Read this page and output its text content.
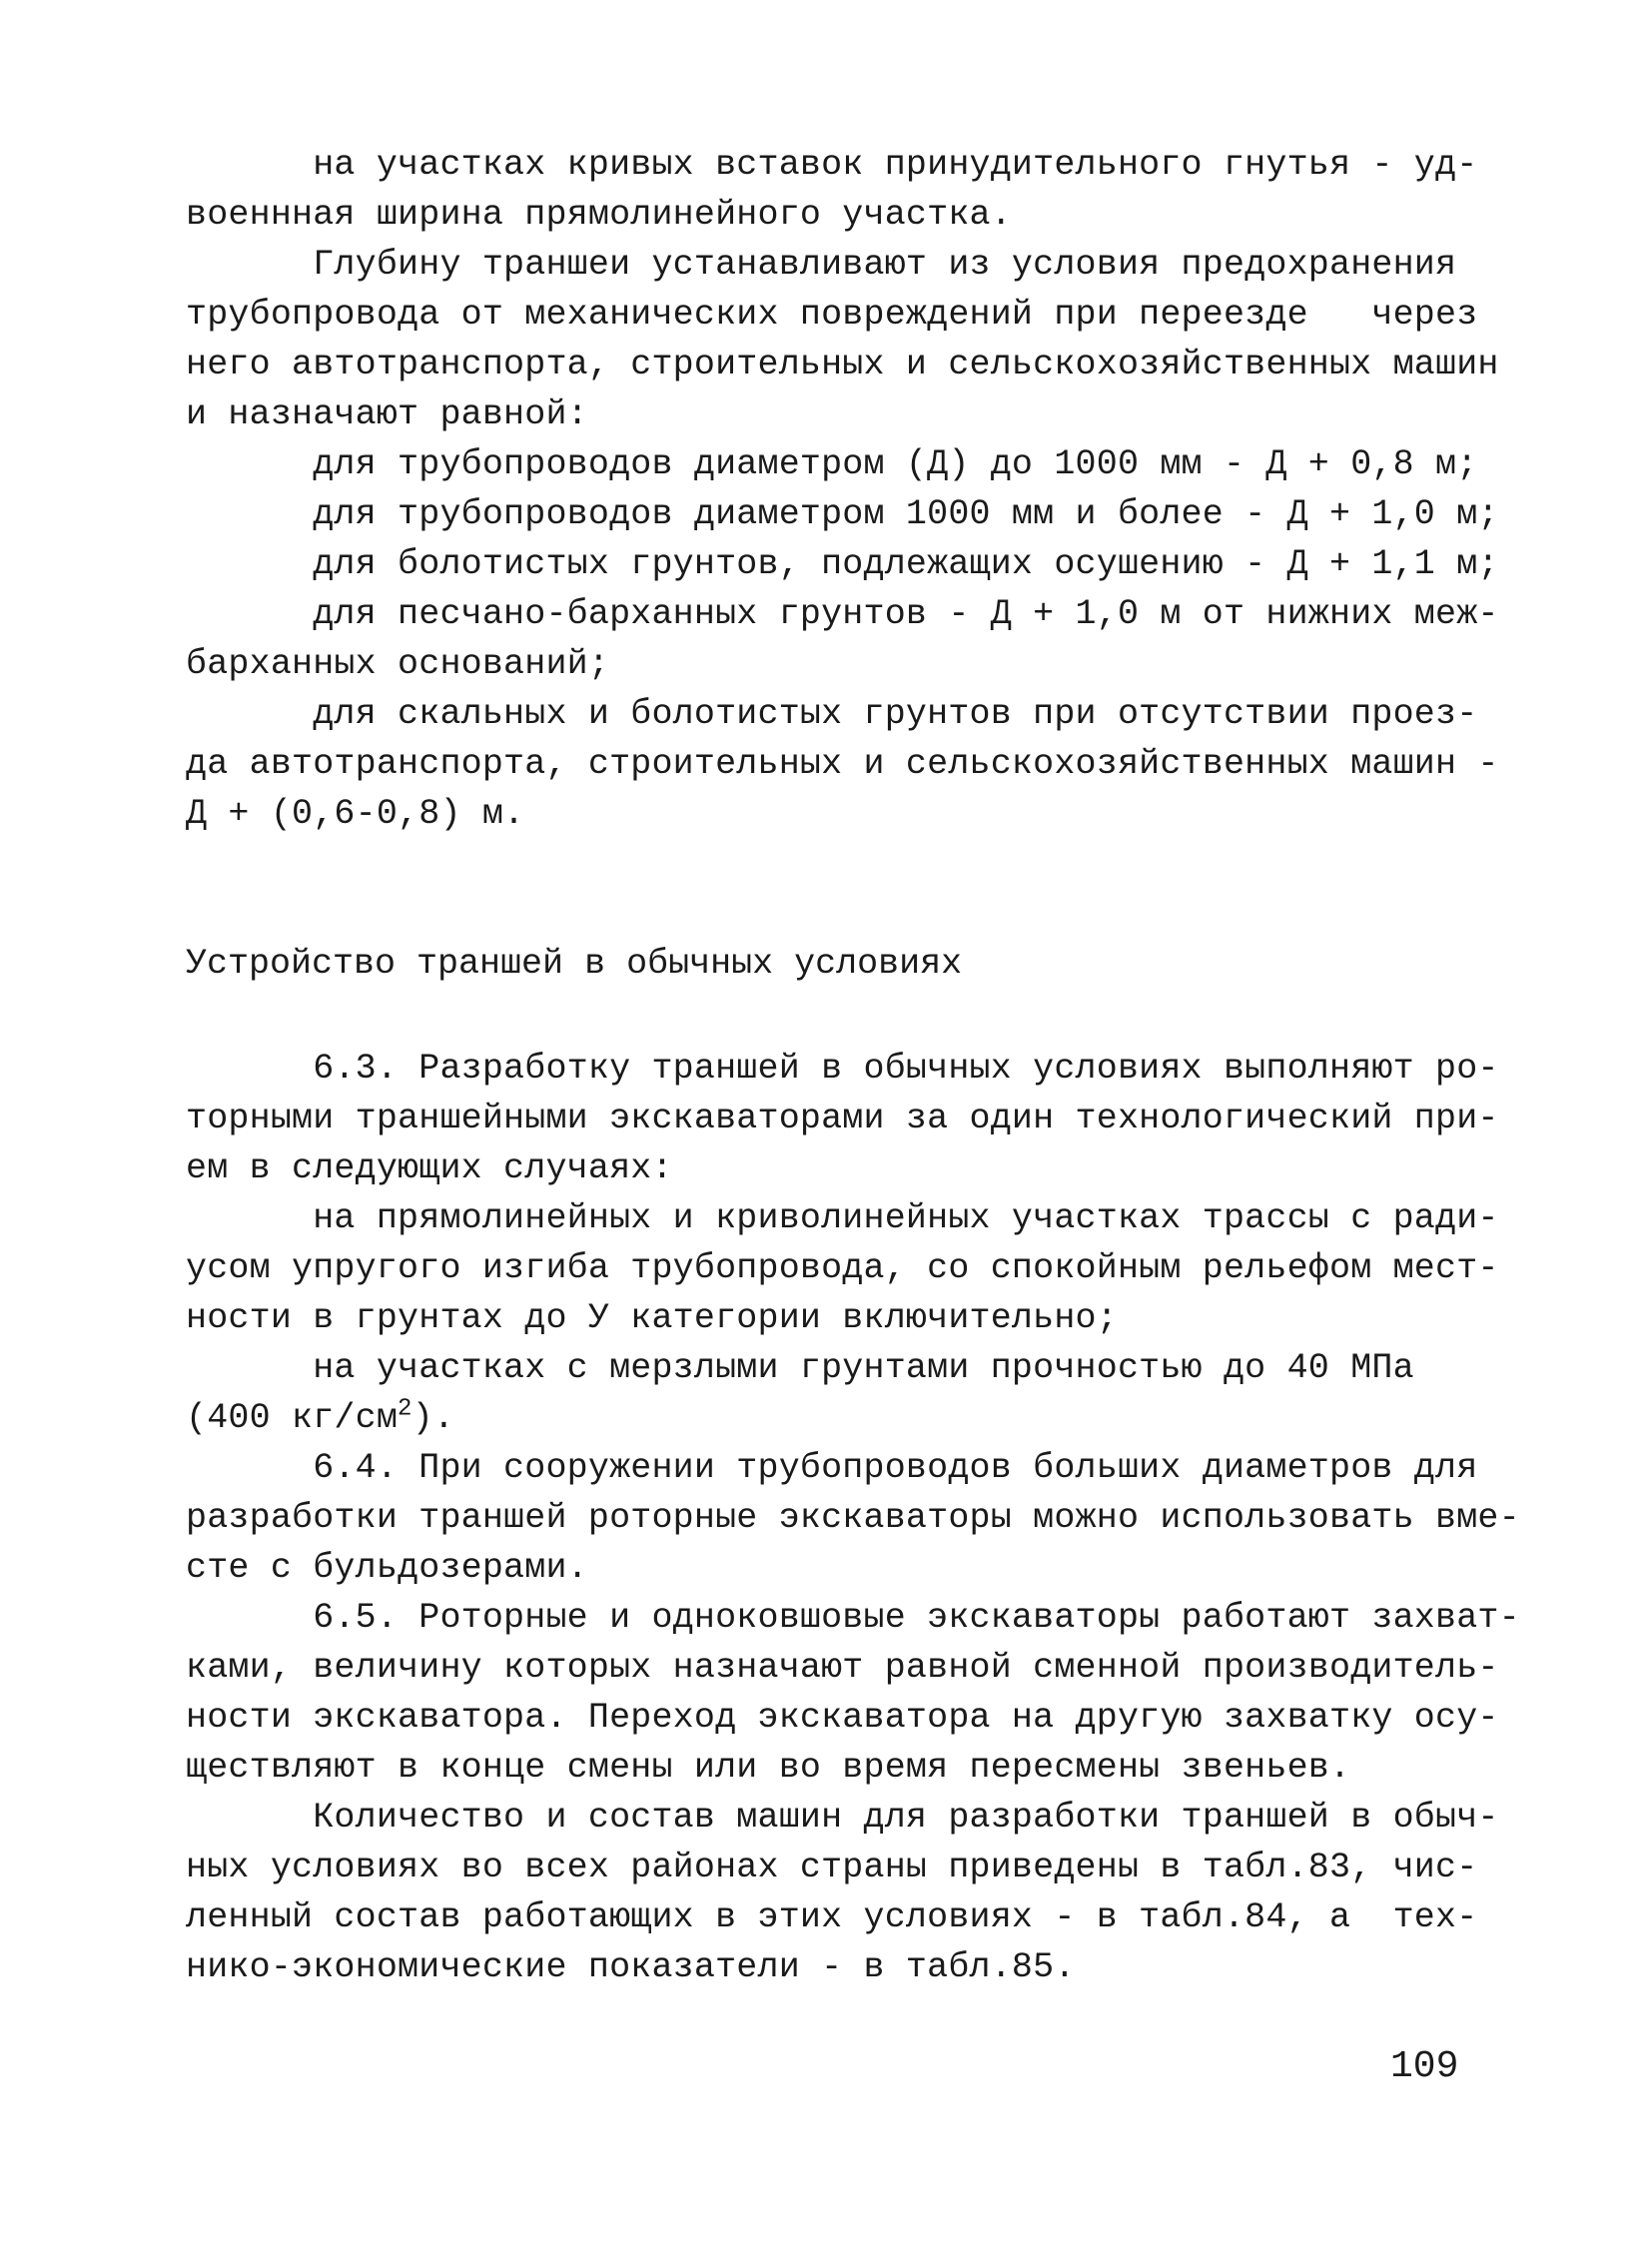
на участках кривых вставок принудительного гнутья - уд-
военнная ширина прямолинейного участка.
Глубину траншеи устанавливают из условия предохранения
трубопровода от механических повреждений при переезде   через
него автотранспорта, строительных и сельскохозяйственных машин
и назначают равной:
для трубопроводов диаметром (Д) до 1000 мм - Д + 0,8 м;
для трубопроводов диаметром 1000 мм и более - Д + 1,0 м;
для болотистых грунтов, подлежащих осушению - Д + 1,1 м;
для песчано-барханных грунтов - Д + 1,0 м от нижних меж-
барханных оснований;
для скальных и болотистых грунтов при отсутствии проез-
да автотранспорта, строительных и сельскохозяйственных машин -
Д + (0,6-0,8) м.
Устройство траншей в обычных условиях
6.3. Разработку траншей в обычных условиях выполняют ро-
торными траншейными экскаваторами за один технологический при-
ем в следующих случаях:
на прямолинейных и криволинейных участках трассы с ради-
усом упругого изгиба трубопровода, со спокойным рельефом мест-
ности в грунтах до У категории включительно;
на участках с мерзлыми грунтами прочностью до 40 МПа
(400 $кг/см^2$).
6.4. При сооружении трубопроводов больших диаметров для
разработки траншей роторные экскаваторы можно использовать вме-
сте с бульдозерами.
6.5. Роторные и одноковшовые экскаваторы работают захват-
ками, величину которых назначают равной сменной производитель-
ности экскаватора. Переход экскаватора на другую захватку осу-
ществляют в конце смены или во время пересмены звеньев.
Количество и состав машин для разработки траншей в обыч-
ных условиях во всех районах страны приведены в табл.83, чис-
ленный состав работающих в этих условиях - в табл.84, а  тех-
нико-экономические показатели - в табл.85.
109
